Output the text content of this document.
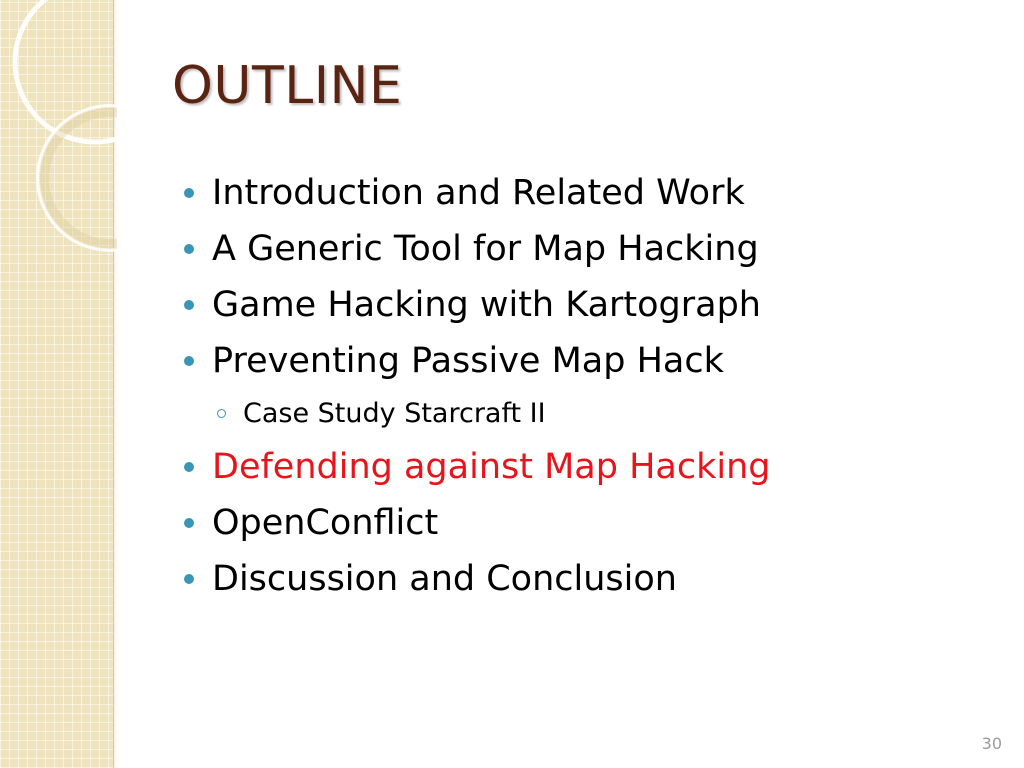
OUTLINE
Introduction and Related Work
A Generic Tool for Map Hacking
Game Hacking with Kartograph
Preventing Passive Map Hack
Case Study Starcraft II
Defending against Map Hacking
OpenConflict
Discussion and Conclusion
30
